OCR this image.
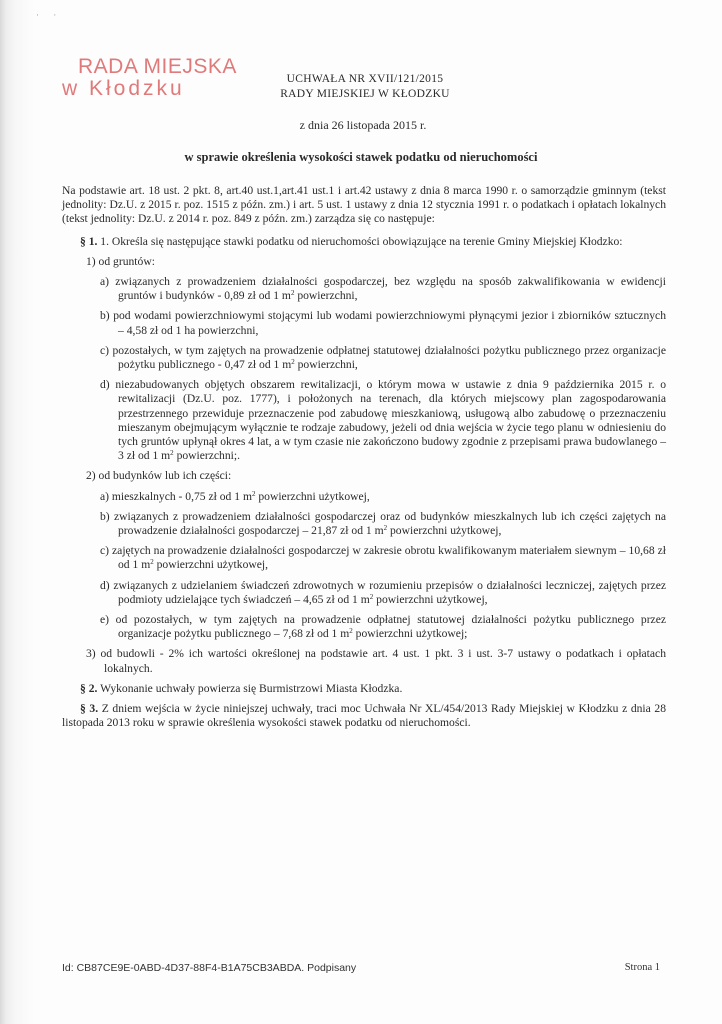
· ·
RADA MIEJSKA
w Kłodzku	UCHWAŁA NR XVII/121/2015
RADY MIEJSKIEJ W KŁODZKU
z dnia 26 listopada 2015 r.
w sprawie określenia wysokości stawek podatku od nieruchomości

Na podstawie art. 18 ust. 2 pkt. 8, art.40 ust.1,art.41 ust.1 i art.42 ustawy z dnia 8 marca 1990 r. o samorządzie gminnym (tekst jednolity: Dz.U. z 2015 r. poz. 1515 z późn. zm.) i art. 5 ust. 1 ustawy z dnia 12 stycznia 1991 r. o podatkach i opłatach lokalnych (tekst jednolity: Dz.U. z 2014 r. poz. 849 z późn. zm.) zarządza się co następuje:

§ 1. 1. Określa się następujące stawki podatku od nieruchomości obowiązujące na terenie Gminy Miejskiej Kłodzko:

1) od gruntów:
a) związanych z prowadzeniem działalności gospodarczej, bez względu na sposób zakwalifikowania w ewidencji gruntów i budynków - 0,89 zł od 1 $m^2$ powierzchni,
b) pod wodami powierzchniowymi stojącymi lub wodami powierzchniowymi płynącymi jezior i zbiorników sztucznych – 4,58 zł od 1 ha powierzchni,
c) pozostałych, w tym zajętych na prowadzenie odpłatnej statutowej działalności pożytku publicznego przez organizacje pożytku publicznego - 0,47 zł od 1 $m^2$ powierzchni,
d) niezabudowanych objętych obszarem rewitalizacji, o którym mowa w ustawie z dnia 9 października 2015 r. o rewitalizacji (Dz.U. poz. 1777), i położonych na terenach, dla których miejscowy plan zagospodarowania przestrzennego przewiduje przeznaczenie pod zabudowę mieszkaniową, usługową albo zabudowę o przeznaczeniu mieszanym obejmującym wyłącznie te rodzaje zabudowy, jeżeli od dnia wejścia w życie tego planu w odniesieniu do tych gruntów upłynął okres 4 lat, a w tym czasie nie zakończono budowy zgodnie z przepisami prawa budowlanego – 3 zł od 1 $m^2$ powierzchni;.
2) od budynków lub ich części:
a) mieszkalnych - 0,75 zł od 1 $m^2$ powierzchni użytkowej,
b) związanych z prowadzeniem działalności gospodarczej oraz od budynków mieszkalnych lub ich części zajętych na prowadzenie działalności gospodarczej – 21,87 zł od 1 $m^2$ powierzchni użytkowej,
c) zajętych na prowadzenie działalności gospodarczej w zakresie obrotu kwalifikowanym materiałem siewnym – 10,68 zł od 1 $m^2$ powierzchni użytkowej,
d) związanych z udzielaniem świadczeń zdrowotnych w rozumieniu przepisów o działalności leczniczej, zajętych przez podmioty udzielające tych świadczeń – 4,65 zł od 1 $m^2$ powierzchni użytkowej,
e) od pozostałych, w tym zajętych na prowadzenie odpłatnej statutowej działalności pożytku publicznego przez organizacje pożytku publicznego – 7,68 zł od 1 $m^2$ powierzchni użytkowej;
3) od budowli - 2% ich wartości określonej na podstawie art. 4 ust. 1 pkt. 3 i ust. 3-7 ustawy o podatkach i opłatach lokalnych.

§ 2. Wykonanie uchwały powierza się Burmistrzowi Miasta Kłodzka.

§ 3. Z dniem wejścia w życie niniejszej uchwały, traci moc Uchwała Nr XL/454/2013 Rady Miejskiej w Kłodzku z dnia 28 listopada 2013 roku w sprawie określenia wysokości stawek podatku od nieruchomości.

Id: CB87CE9E-0ABD-4D37-88F4-B1A75CB3ABDA. Podpisany	Strona 1
